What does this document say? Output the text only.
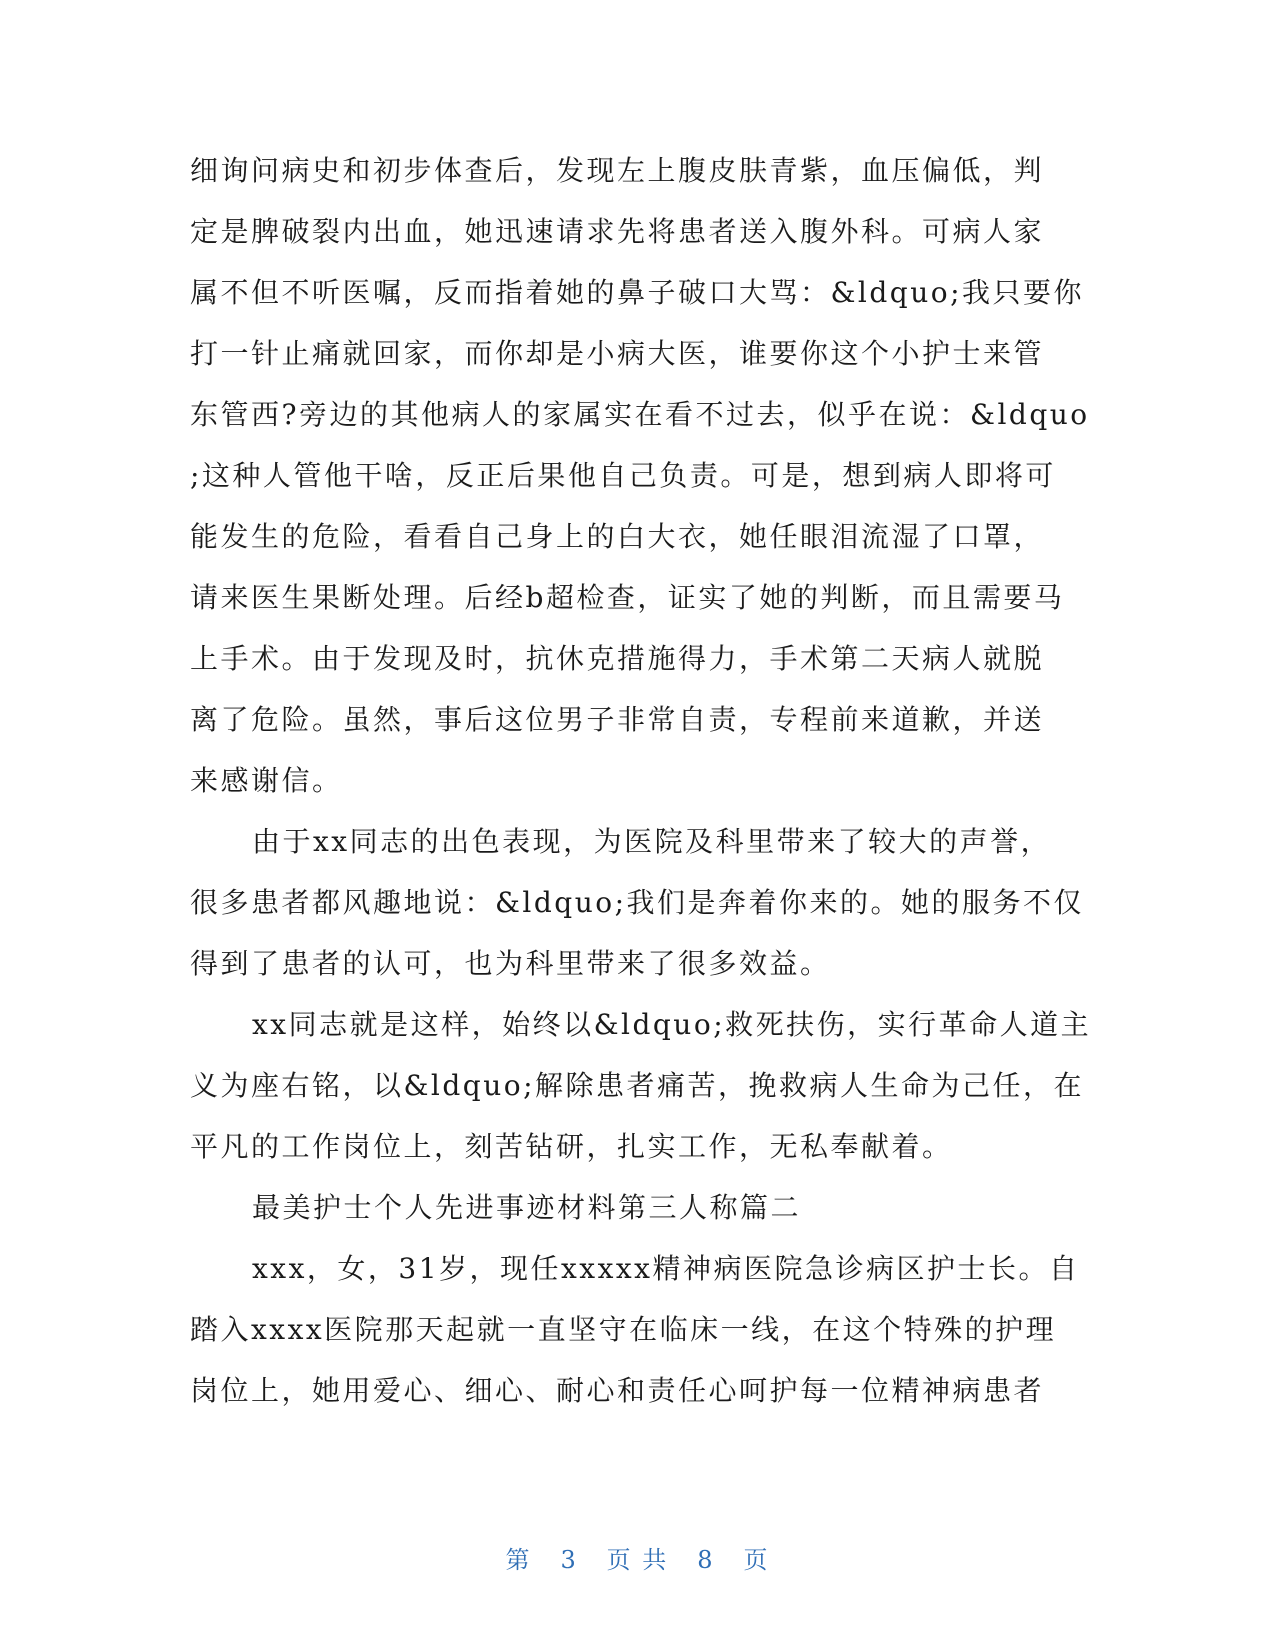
细询问病史和初步体查后，发现左上腹皮肤青紫，血压偏低，判
定是脾破裂内出血，她迅速请求先将患者送入腹外科。可病人家
属不但不听医嘱，反而指着她的鼻子破口大骂：&ldquo;我只要你
打一针止痛就回家，而你却是小病大医，谁要你这个小护士来管
东管西?旁边的其他病人的家属实在看不过去，似乎在说：&ldquo
;这种人管他干啥，反正后果他自己负责。可是，想到病人即将可
能发生的危险，看看自己身上的白大衣，她任眼泪流湿了口罩，
请来医生果断处理。后经b超检查，证实了她的判断，而且需要马
上手术。由于发现及时，抗休克措施得力，手术第二天病人就脱
离了危险。虽然，事后这位男子非常自责，专程前来道歉，并送
来感谢信。
由于xx同志的出色表现，为医院及科里带来了较大的声誉，
很多患者都风趣地说：&ldquo;我们是奔着你来的。她的服务不仅
得到了患者的认可，也为科里带来了很多效益。
xx同志就是这样，始终以&ldquo;救死扶伤，实行革命人道主
义为座右铭，以&ldquo;解除患者痛苦，挽救病人生命为己任，在
平凡的工作岗位上，刻苦钻研，扎实工作，无私奉献着。
最美护士个人先进事迹材料第三人称篇二
xxx，女，31岁，现任xxxxx精神病医院急诊病区护士长。自
踏入xxxx医院那天起就一直坚守在临床一线，在这个特殊的护理
岗位上，她用爱心、细心、耐心和责任心呵护每一位精神病患者
第 3 页 共 8 页
